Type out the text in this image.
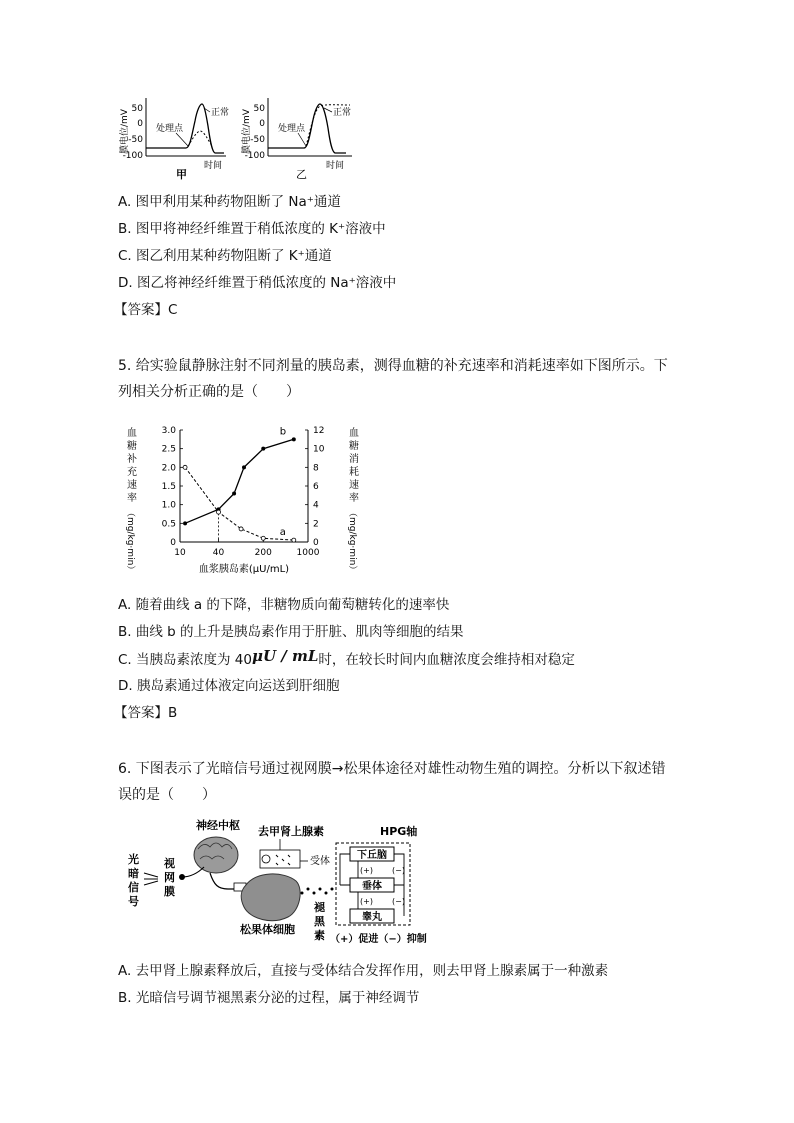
膜电位/mV
50
0
-50
-100
正常
处理点
时间
甲
膜电位/mV
50
0
-50
-100
正常
处理点
时间
乙
A. 图甲利用某种药物阻断了 Na⁺通道
B. 图甲将神经纤维置于稍低浓度的 K⁺溶液中
C. 图乙利用某种药物阻断了 K⁺通道
D. 图乙将神经纤维置于稍低浓度的 Na⁺溶液中
【答案】C
5. 给实验鼠静脉注射不同剂量的胰岛素，测得血糖的补充速率和消耗速率如下图所示。下
列相关分析正确的是（　　）
0
0.5
1.0
1.5
2.0
2.5
3.0
0
2
4
6
8
10
12
10	40	200	1000
血浆胰岛素(μU/mL)
血
糖
补
充
速
率
（mg/kg·min）
血
糖
消
耗
速
率
（mg/kg·min）
b
a
A. 随着曲线 a 的下降，非糖物质向葡萄糖转化的速率快
B. 曲线 b 的上升是胰岛素作用于肝脏、肌肉等细胞的结果
C. 当胰岛素浓度为 40μU / mL时，在较长时间内血糖浓度会维持相对稳定
D. 胰岛素通过体液定向运送到肝细胞
【答案】B
6. 下图表示了光暗信号通过视网膜→松果体途径对雄性动物生殖的调控。分析以下叙述错
误的是（　　）
神经中枢
光
暗
信
号
视
网
膜
去甲肾上腺素
受体
松果体细胞
褪
黑
素
HPG轴
下丘脑
垂体
睾丸
(+)
(+)
(−)
(−)
（+）促进（−）抑制
A. 去甲肾上腺素释放后，直接与受体结合发挥作用，则去甲肾上腺素属于一种激素
B. 光暗信号调节褪黑素分泌的过程，属于神经调节
